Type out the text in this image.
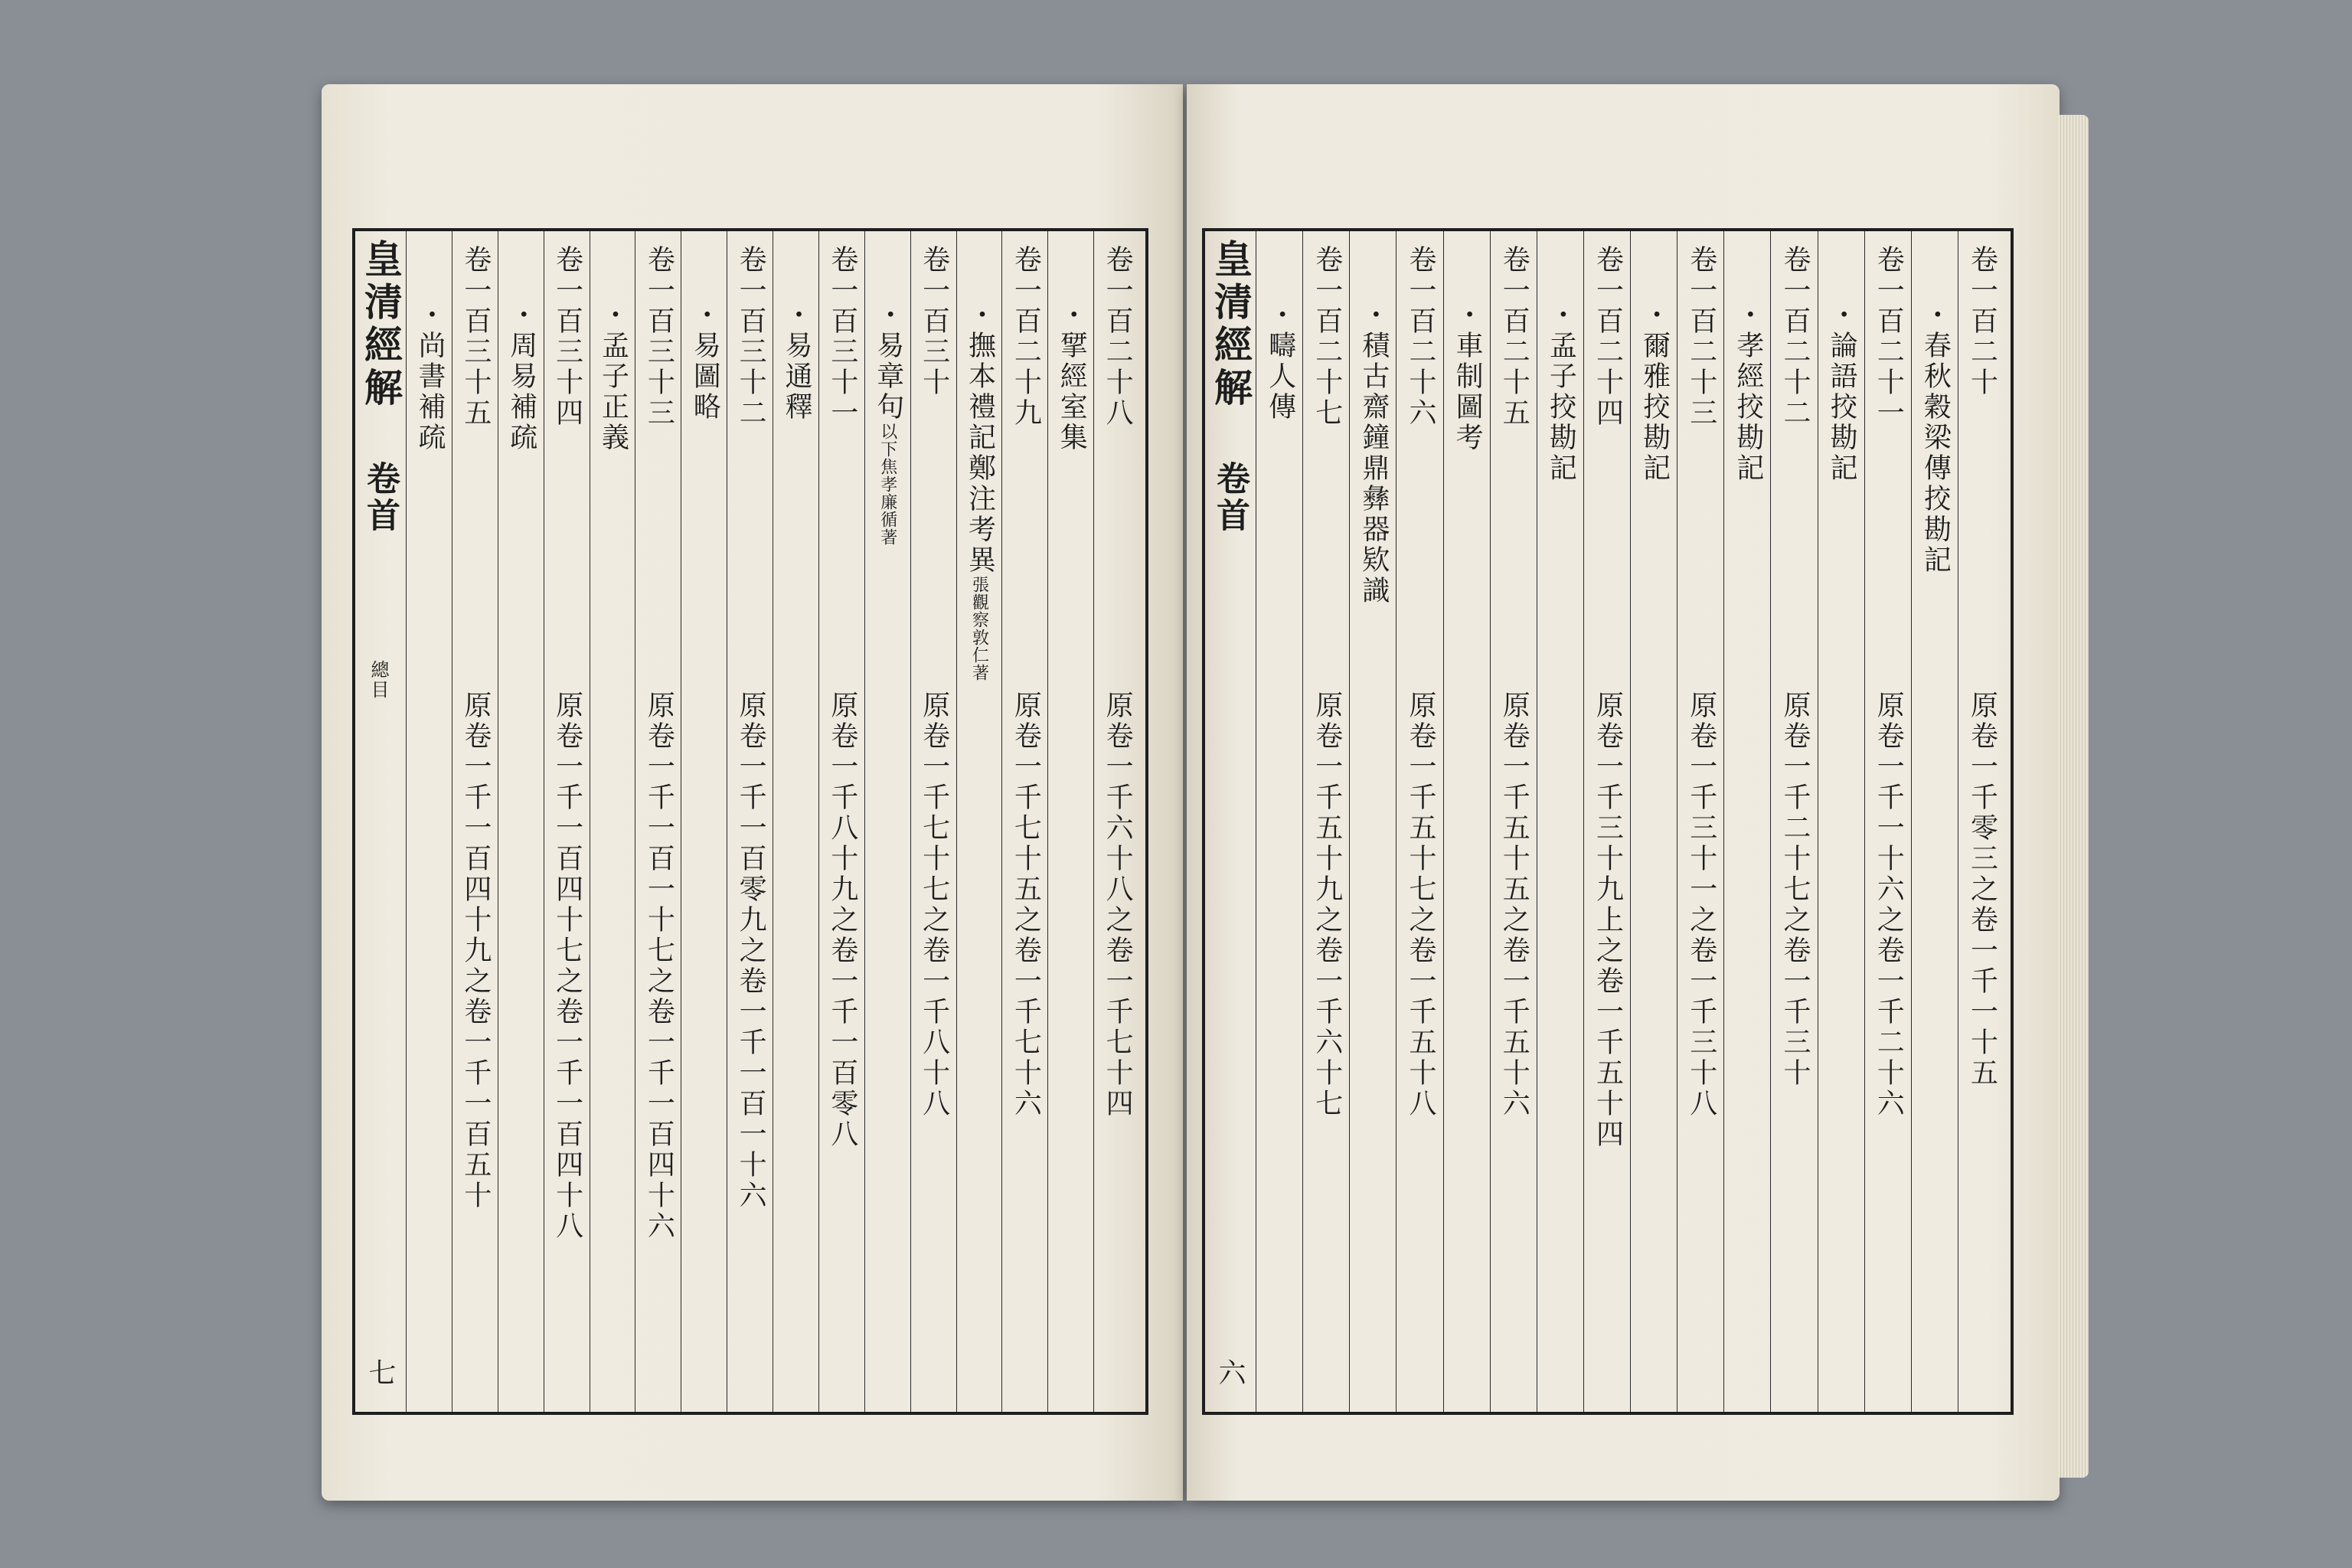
皇清經解
卷首
總目
七
卷一百二十八
原卷一千六十八之卷一千七十四
・揅經室集
卷一百二十九
原卷一千七十五之卷一千七十六
・撫本禮記鄭注考異
張觀察敦仁著
卷一百三十
原卷一千七十七之卷一千八十八
・易章句
以下焦孝廉循著
卷一百三十一
原卷一千八十九之卷一千一百零八
・易通釋
卷一百三十二
原卷一千一百零九之卷一千一百一十六
・易圖略
卷一百三十三
原卷一千一百一十七之卷一千一百四十六
・孟子正義
卷一百三十四
原卷一千一百四十七之卷一千一百四十八
・周易補疏
卷一百三十五
原卷一千一百四十九之卷一千一百五十
・尚書補疏	皇清經解
卷首
六
卷一百二十
原卷一千零三之卷一千一十五
・春秋穀梁傳挍勘記
卷一百二十一
原卷一千一十六之卷一千二十六
・論語挍勘記
卷一百二十二
原卷一千二十七之卷一千三十
・孝經挍勘記
卷一百二十三
原卷一千三十一之卷一千三十八
・爾雅挍勘記
卷一百二十四
原卷一千三十九上之卷一千五十四
・孟子挍勘記
卷一百二十五
原卷一千五十五之卷一千五十六
・車制圖考
卷一百二十六
原卷一千五十七之卷一千五十八
・積古齋鐘鼎彝器欵識
卷一百二十七
原卷一千五十九之卷一千六十七
・疇人傳
